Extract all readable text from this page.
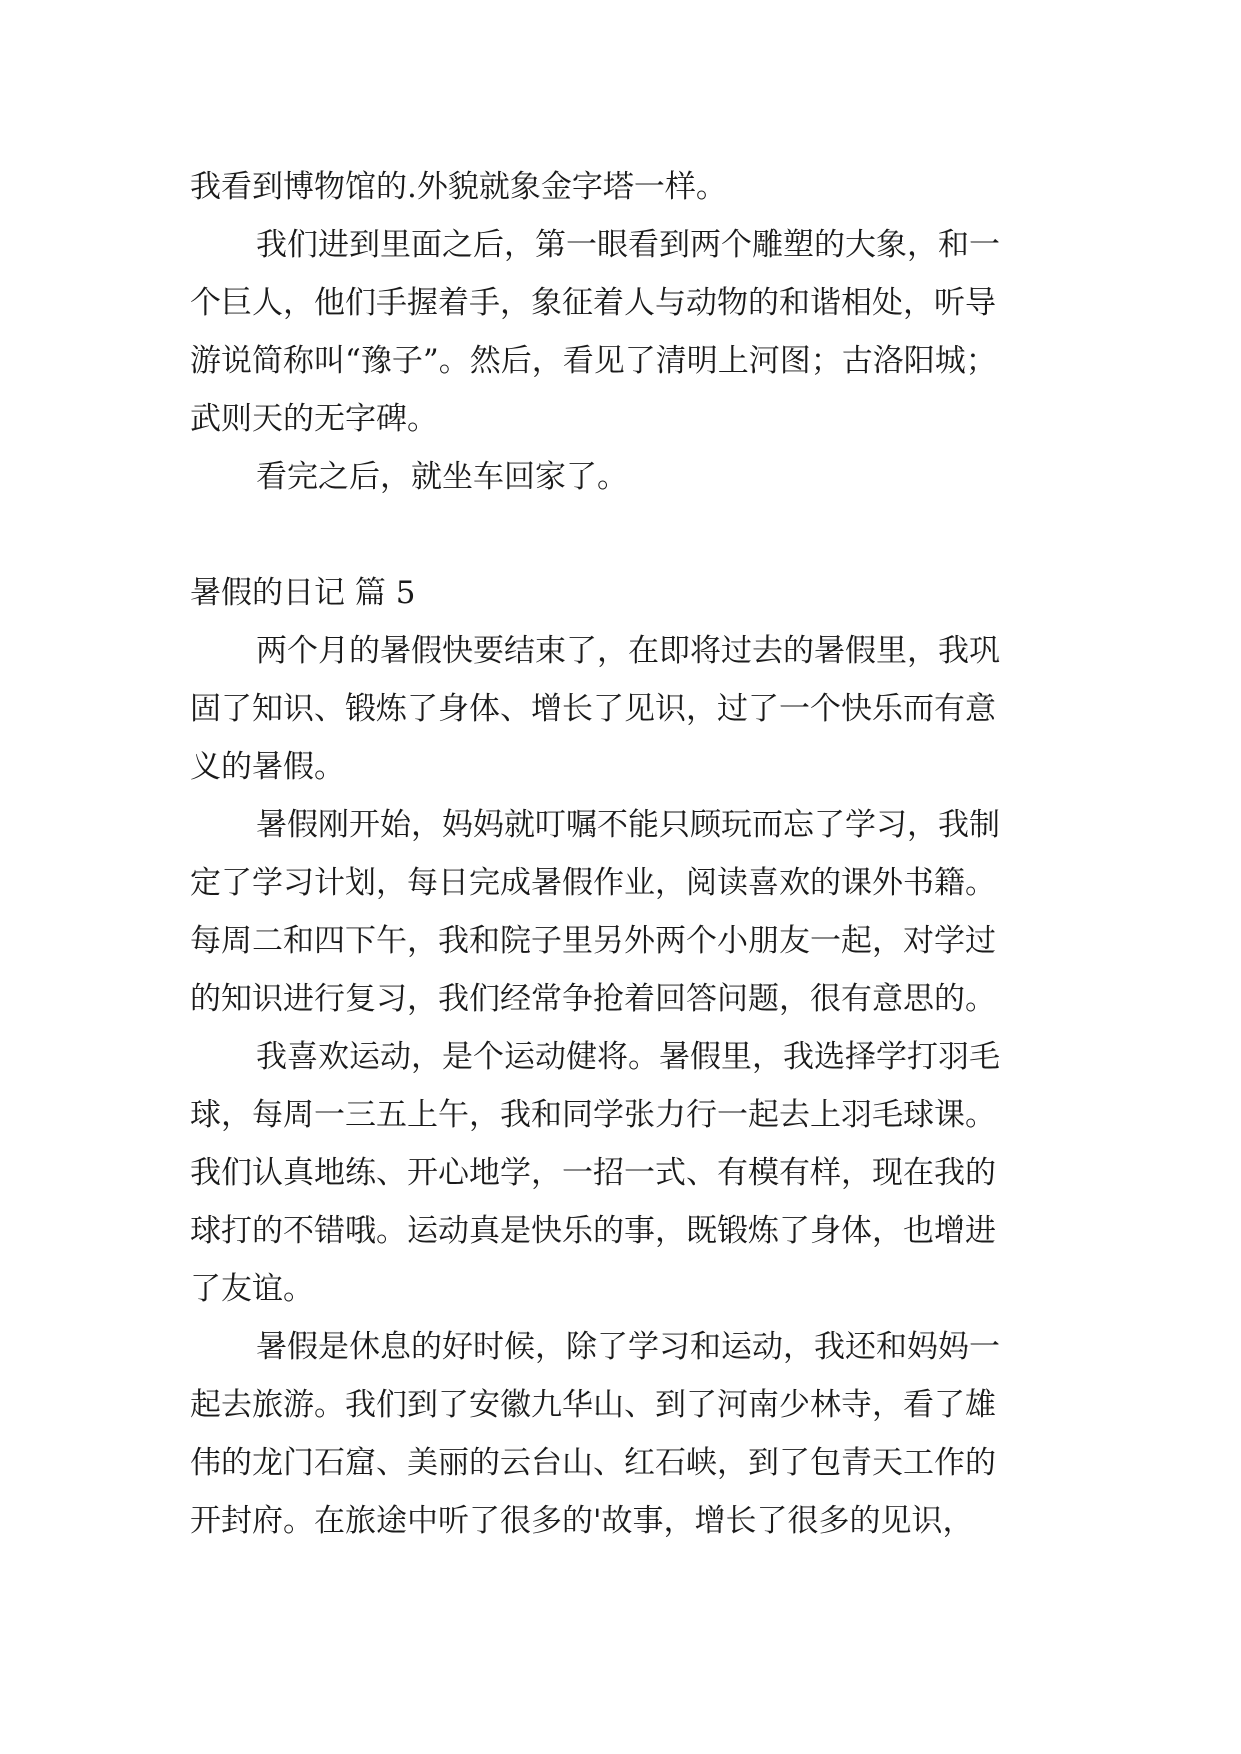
我看到博物馆的.外貌就象金字塔一样。
我们进到里面之后，第一眼看到两个雕塑的大象，和一
个巨人，他们手握着手，象征着人与动物的和谐相处，听导
游说简称叫“豫子”。然后，看见了清明上河图；古洛阳城；
武则天的无字碑。
看完之后，就坐车回家了。
暑假的日记 篇 5
两个月的暑假快要结束了，在即将过去的暑假里，我巩
固了知识、锻炼了身体、增长了见识，过了一个快乐而有意
义的暑假。
暑假刚开始，妈妈就叮嘱不能只顾玩而忘了学习，我制
定了学习计划，每日完成暑假作业，阅读喜欢的课外书籍。
每周二和四下午，我和院子里另外两个小朋友一起，对学过
的知识进行复习，我们经常争抢着回答问题，很有意思的。
我喜欢运动，是个运动健将。暑假里，我选择学打羽毛
球，每周一三五上午，我和同学张力行一起去上羽毛球课。
我们认真地练、开心地学，一招一式、有模有样，现在我的
球打的不错哦。运动真是快乐的事，既锻炼了身体，也增进
了友谊。
暑假是休息的好时候，除了学习和运动，我还和妈妈一
起去旅游。我们到了安徽九华山、到了河南少林寺，看了雄
伟的龙门石窟、美丽的云台山、红石峡，到了包青天工作的
开封府。在旅途中听了很多的'故事，增长了很多的见识，
